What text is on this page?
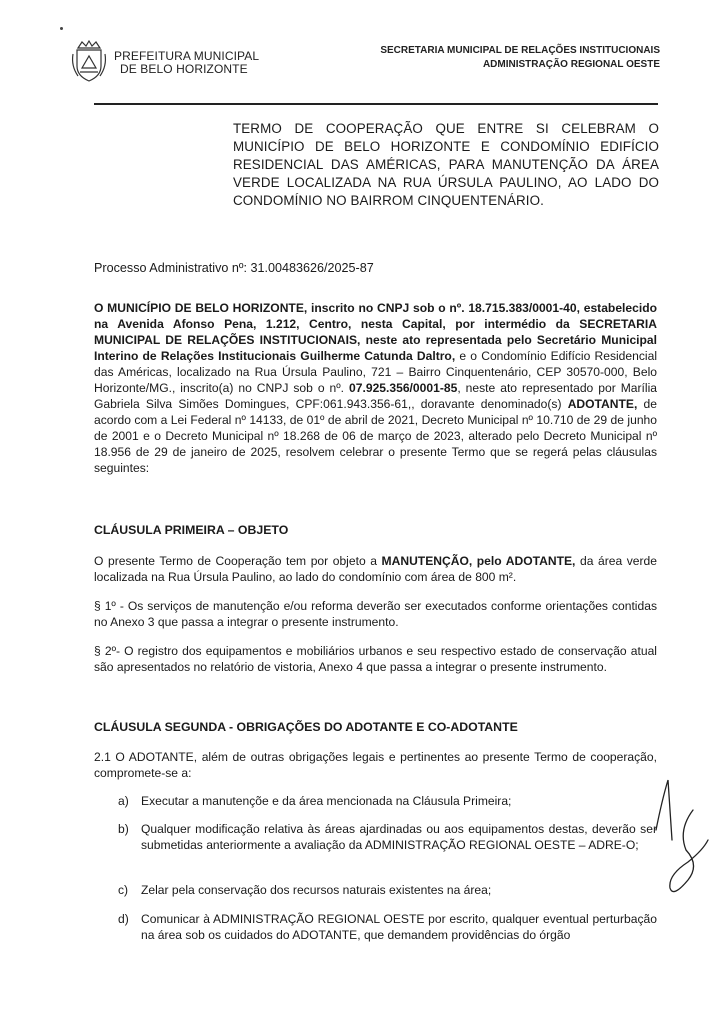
PREFEITURA MUNICIPAL
DE BELO HORIZONTE
SECRETARIA MUNICIPAL DE RELAÇÕES INSTITUCIONAIS
ADMINISTRAÇÃO REGIONAL OESTE
TERMO DE COOPERAÇÃO QUE ENTRE SI CELEBRAM O MUNICÍPIO DE BELO HORIZONTE E CONDOMÍNIO EDIFÍCIO RESIDENCIAL DAS AMÉRICAS, PARA MANUTENÇÃO DA ÁREA VERDE LOCALIZADA NA RUA ÚRSULA PAULINO, AO LADO DO CONDOMÍNIO NO BAIRROM CINQUENTENÁRIO.
Processo Administrativo nº: 31.00483626/2025-87
O MUNICÍPIO DE BELO HORIZONTE, inscrito no CNPJ sob o nº. 18.715.383/0001-40, estabelecido na Avenida Afonso Pena, 1.212, Centro, nesta Capital, por intermédio da SECRETARIA MUNICIPAL DE RELAÇÕES INSTITUCIONAIS, neste ato representada pelo Secretário Municipal Interino de Relações Institucionais Guilherme Catunda Daltro, e o Condomínio Edifício Residencial das Américas, localizado na Rua Úrsula Paulino, 721 – Bairro Cinquentenário, CEP 30570-000, Belo Horizonte/MG., inscrito(a) no CNPJ sob o nº. 07.925.356/0001-85, neste ato representado por Marília Gabriela Silva Simões Domingues, CPF:061.943.356-61,, doravante denominado(s) ADOTANTE, de acordo com a Lei Federal nº 14133, de 01º de abril de 2021, Decreto Municipal nº 10.710 de 29 de junho de 2001 e o Decreto Municipal nº 18.268 de 06 de março de 2023, alterado pelo Decreto Municipal nº 18.956 de 29 de janeiro de 2025, resolvem celebrar o presente Termo que se regerá pelas cláusulas seguintes:
CLÁUSULA PRIMEIRA – OBJETO
O presente Termo de Cooperação tem por objeto a MANUTENÇÃO, pelo ADOTANTE, da área verde localizada na Rua Úrsula Paulino, ao lado do condomínio com área de 800 m².
§ 1º - Os serviços de manutenção e/ou reforma deverão ser executados conforme orientações contidas no Anexo 3 que passa a integrar o presente instrumento.
§ 2º- O registro dos equipamentos e mobiliários urbanos e seu respectivo estado de conservação atual são apresentados no relatório de vistoria, Anexo 4 que passa a integrar o presente instrumento.
CLÁUSULA SEGUNDA - OBRIGAÇÕES DO ADOTANTE E CO-ADOTANTE
2.1 O ADOTANTE, além de outras obrigações legais e pertinentes ao presente Termo de cooperação, compromete-se a:
a) Executar a manutençõe e da área mencionada na Cláusula Primeira;
b) Qualquer modificação relativa às áreas ajardinadas ou aos equipamentos destas, deverão ser submetidas anteriormente a avaliação da ADMINISTRAÇÃO REGIONAL OESTE – ADRE-O;
c) Zelar pela conservação dos recursos naturais existentes na área;
d) Comunicar à ADMINISTRAÇÃO REGIONAL OESTE por escrito, qualquer eventual perturbação na área sob os cuidados do ADOTANTE, que demandem providências do órgão
